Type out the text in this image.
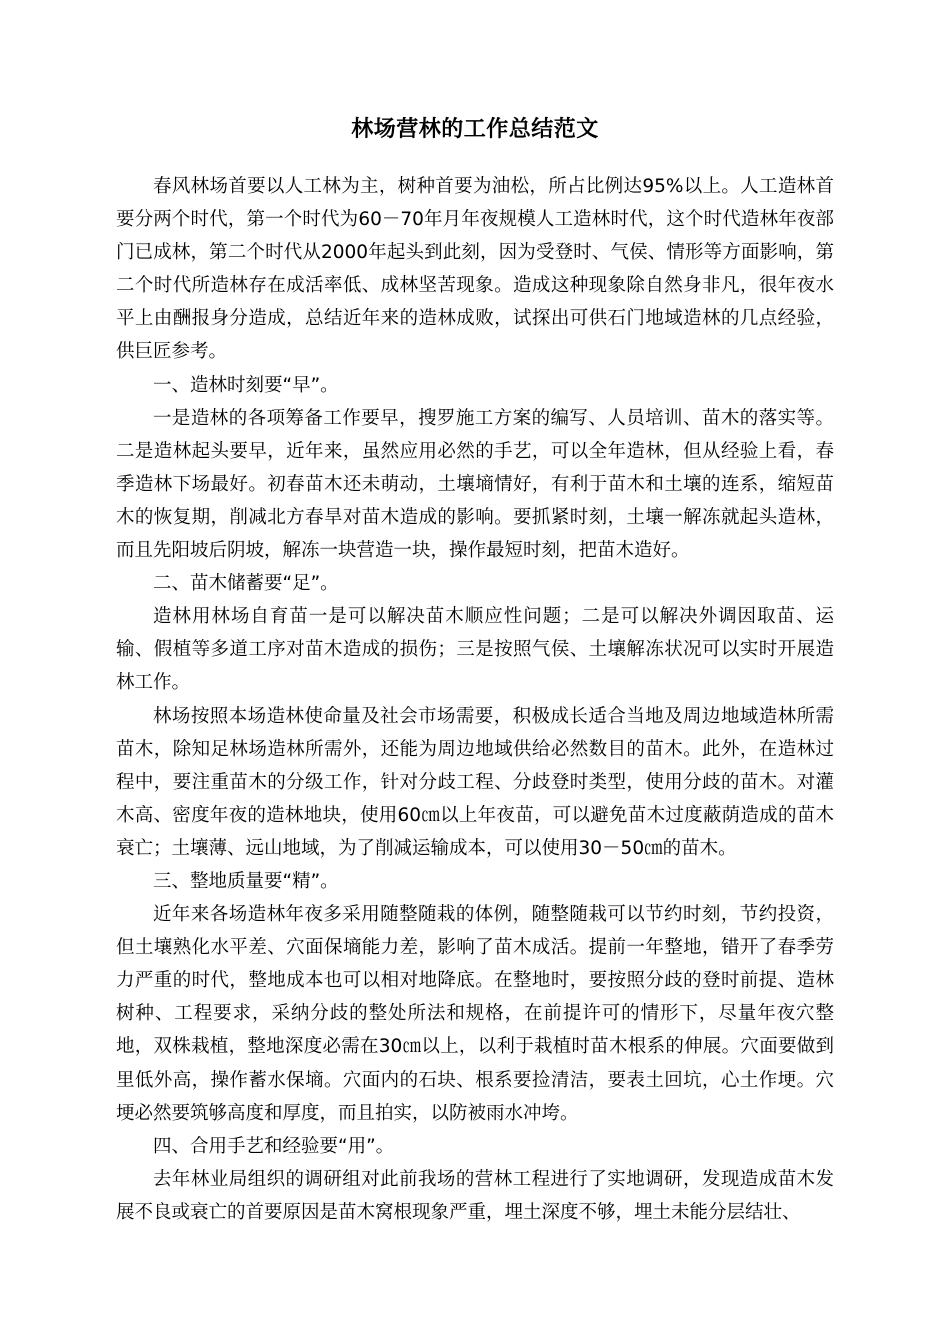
林场营林的工作总结范文

春风林场首要以人工林为主，树种首要为油松，所占比例达95%以上。人工造林首要分两个时代，第一个时代为60－70年月年夜规模人工造林时代，这个时代造林年夜部门已成林，第二个时代从2000年起头到此刻，因为受登时、气侯、情形等方面影响，第二个时代所造林存在成活率低、成林坚苦现象。造成这种现象除自然身非凡，很年夜水平上由酬报身分造成，总结近年来的造林成败，试探出可供石门地域造林的几点经验，供巨匠参考。

一、造林时刻要“早”。

一是造林的各项筹备工作要早，搜罗施工方案的编写、人员培训、苗木的落实等。二是造林起头要早，近年来，虽然应用必然的手艺，可以全年造林，但从经验上看，春季造林下场最好。初春苗木还未萌动，土壤墒情好，有利于苗木和土壤的连系，缩短苗木的恢复期，削减北方春旱对苗木造成的影响。要抓紧时刻，土壤一解冻就起头造林，而且先阳坡后阴坡，解冻一块营造一块，操作最短时刻，把苗木造好。

二、苗木储蓄要“足”。

造林用林场自育苗一是可以解决苗木顺应性问题；二是可以解决外调因取苗、运输、假植等多道工序对苗木造成的损伤；三是按照气侯、土壤解冻状况可以实时开展造林工作。

林场按照本场造林使命量及社会市场需要，积极成长适合当地及周边地域造林所需苗木，除知足林场造林所需外，还能为周边地域供给必然数目的苗木。此外，在造林过程中，要注重苗木的分级工作，针对分歧工程、分歧登时类型，使用分歧的苗木。对灌木高、密度年夜的造林地块，使用60㎝以上年夜苗，可以避免苗木过度蔽荫造成的苗木衰亡；土壤薄、远山地域，为了削减运输成本，可以使用30－50㎝的苗木。

三、整地质量要“精”。

近年来各场造林年夜多采用随整随栽的体例，随整随栽可以节约时刻，节约投资，但土壤熟化水平差、穴面保墒能力差，影响了苗木成活。提前一年整地，错开了春季劳力严重的时代，整地成本也可以相对地降底。在整地时，要按照分歧的登时前提、造林树种、工程要求，采纳分歧的整处所法和规格，在前提许可的情形下，尽量年夜穴整地，双株栽植，整地深度必需在30㎝以上，以利于栽植时苗木根系的伸展。穴面要做到里低外高，操作蓄水保墒。穴面内的石块、根系要捡清洁，要表土回坑，心土作埂。穴埂必然要筑够高度和厚度，而且拍实，以防被雨水冲垮。

四、合用手艺和经验要“用”。

去年林业局组织的调研组对此前我场的营林工程进行了实地调研，发现造成苗木发展不良或衰亡的首要原因是苗木窝根现象严重，埋土深度不够，埋土未能分层结壮、
